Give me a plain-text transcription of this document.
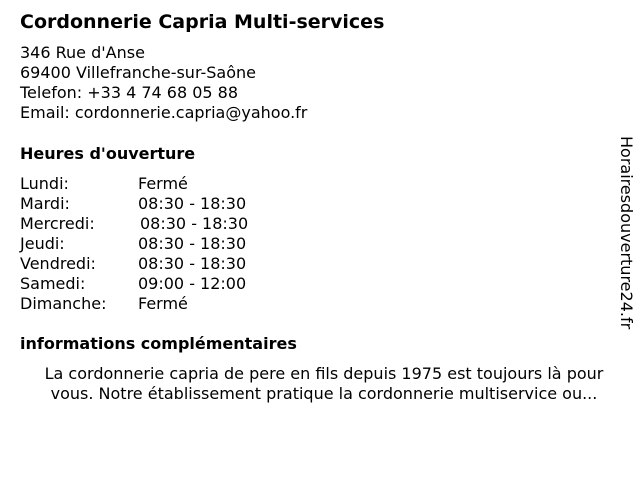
Cordonnerie Capria Multi-services
346 Rue d'Anse
69400 Villefranche-sur-Saône
Telefon: +33 4 74 68 05 88
Email: cordonnerie.capria@yahoo.fr
Heures d'ouverture
Lundi:	Fermé
Mardi:	08:30 - 18:30
Mercredi:	08:30 - 18:30
Jeudi:	08:30 - 18:30
Vendredi:	08:30 - 18:30
Samedi:	09:00 - 12:00
Dimanche: Fermé
informations complémentaires
La cordonnerie capria de pere en fils depuis 1975 est toujours là pour
vous. Notre établissement pratique la cordonnerie multiservice ou...
Horairesdouverture24.fr
